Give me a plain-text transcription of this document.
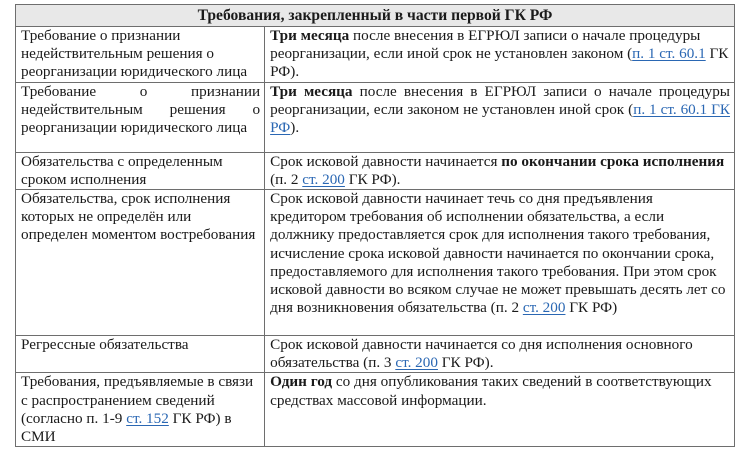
Требования, закрепленный в части первой ГК РФ	
Требование о признании недействительным решения о реорганизации юридического лица	Три месяца после внесения в ЕГРЮЛ записи о начале процедуры реорганизации, если иной срок не установлен законом (п. 1 ст. 60.1 ГК РФ).
Требование о признании недействительным решения о реорганизации юридического лица	Три месяца после внесения в ЕГРЮЛ записи о начале процедуры реорганизации, если законом не установлен иной срок (п. 1 ст. 60.1 ГК РФ).
Обязательства с определенным сроком исполнения	Срок исковой давности начинается по окончании срока исполнения (п. 2 ст. 200 ГК РФ).
Обязательства, срок исполнения которых не определён или определен моментом востребования	Срок исковой давности начинает течь со дня предъявления кредитором требования об исполнении обязательства, а если должнику предоставляется срок для исполнения такого требования, исчисление срока исковой давности начинается по окончании срока, предоставляемого для исполнения такого требования. При этом срок исковой давности во всяком случае не может превышать десять лет со дня возникновения обязательства (п. 2 ст. 200 ГК РФ)
Регрессные обязательства	Срок исковой давности начинается со дня исполнения основного обязательства (п. 3 ст. 200 ГК РФ).
Требования, предъявляемые в связи с распространением сведений (согласно п. 1-9 ст. 152 ГК РФ) в СМИ	Один год со дня опубликования таких сведений в соответствующих средствах массовой информации.
